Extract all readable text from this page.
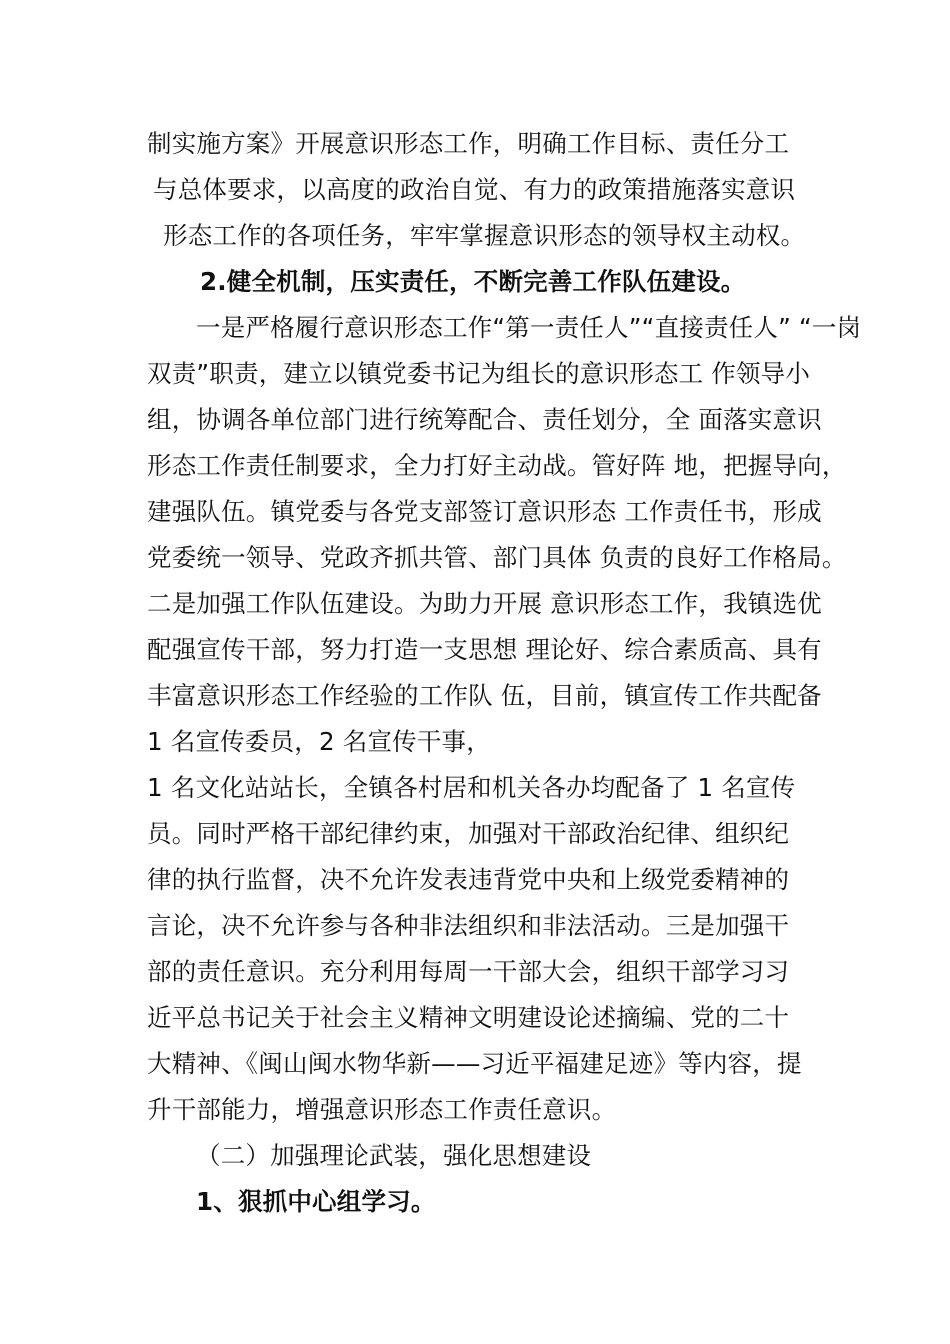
制实施方案》开展意识形态工作，明确工作目标、责任分工
与总体要求，以高度的政治自觉、有力的政策措施落实意识
形态工作的各项任务，牢牢掌握意识形态的领导权主动权。
2.健全机制，压实责任，不断完善工作队伍建设。
一是严格履行意识形态工作“第一责任人”“直接责任人” “一岗
双责”职责，建立以镇党委书记为组长的意识形态工 作领导小
组，协调各单位部门进行统筹配合、责任划分，全 面落实意识
形态工作责任制要求，全力打好主动战。管好阵 地，把握导向，
建强队伍。镇党委与各党支部签订意识形态 工作责任书，形成
党委统一领导、党政齐抓共管、部门具体 负责的良好工作格局。
二是加强工作队伍建设。为助力开展 意识形态工作，我镇选优
配强宣传干部，努力打造一支思想 理论好、综合素质高、具有
丰富意识形态工作经验的工作队 伍，目前，镇宣传工作共配备
1 名宣传委员，2 名宣传干事，
1 名文化站站长，全镇各村居和机关各办均配备了 1 名宣传
员。同时严格干部纪律约束，加强对干部政治纪律、组织纪
律的执行监督，决不允许发表违背党中央和上级党委精神的
言论，决不允许参与各种非法组织和非法活动。三是加强干
部的责任意识。充分利用每周一干部大会，组织干部学习习
近平总书记关于社会主义精神文明建设论述摘编、党的二十
大精神、《闽山闽水物华新——习近平福建足迹》等内容，提
升干部能力，增强意识形态工作责任意识。
（二）加强理论武装，强化思想建设
1、狠抓中心组学习。
